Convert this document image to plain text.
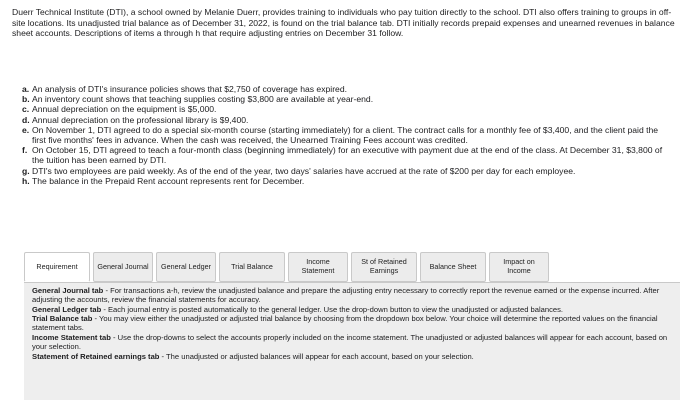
Duerr Technical Institute (DTI), a school owned by Melanie Duerr, provides training to individuals who pay tuition directly to the school. DTI also offers training to groups in off-site locations. Its unadjusted trial balance as of December 31, 2022, is found on the trial balance tab. DTI initially records prepaid expenses and unearned revenues in balance sheet accounts. Descriptions of items a through h that require adjusting entries on December 31 follow.
a. An analysis of DTI's insurance policies shows that $2,750 of coverage has expired.
b. An inventory count shows that teaching supplies costing $3,800 are available at year-end.
c. Annual depreciation on the equipment is $5,000.
d. Annual depreciation on the professional library is $9,400.
e. On November 1, DTI agreed to do a special six-month course (starting immediately) for a client. The contract calls for a monthly fee of $3,400, and the client paid the first five months' fees in advance. When the cash was received, the Unearned Training Fees account was credited.
f. On October 15, DTI agreed to teach a four-month class (beginning immediately) for an executive with payment due at the end of the class. At December 31, $3,800 of the tuition has been earned by DTI.
g. DTI's two employees are paid weekly. As of the end of the year, two days' salaries have accrued at the rate of $200 per day for each employee.
h. The balance in the Prepaid Rent account represents rent for December.
Requirement	General Journal	General Ledger	Trial Balance	Income Statement
St of Retained Earnings	Balance Sheet	Impact on Income

General Journal tab - For transactions a-h, review the unadjusted balance and prepare the adjusting entry necessary to correctly report the revenue earned or the expense incurred. After adjusting the accounts, review the financial statements for accuracy.

General Ledger tab - Each journal entry is posted automatically to the general ledger. Use the drop-down button to view the unadjusted or adjusted balances.

Trial Balance tab - You may view either the unadjusted or adjusted trial balance by choosing from the dropdown box below. Your choice will determine the reported values on the financial statement tabs.

Income Statement tab - Use the drop-downs to select the accounts properly included on the income statement. The unadjusted or adjusted balances will appear for each account, based on your selection.

Statement of Retained earnings tab - The unadjusted or adjusted balances will appear for each account, based on your selection.
